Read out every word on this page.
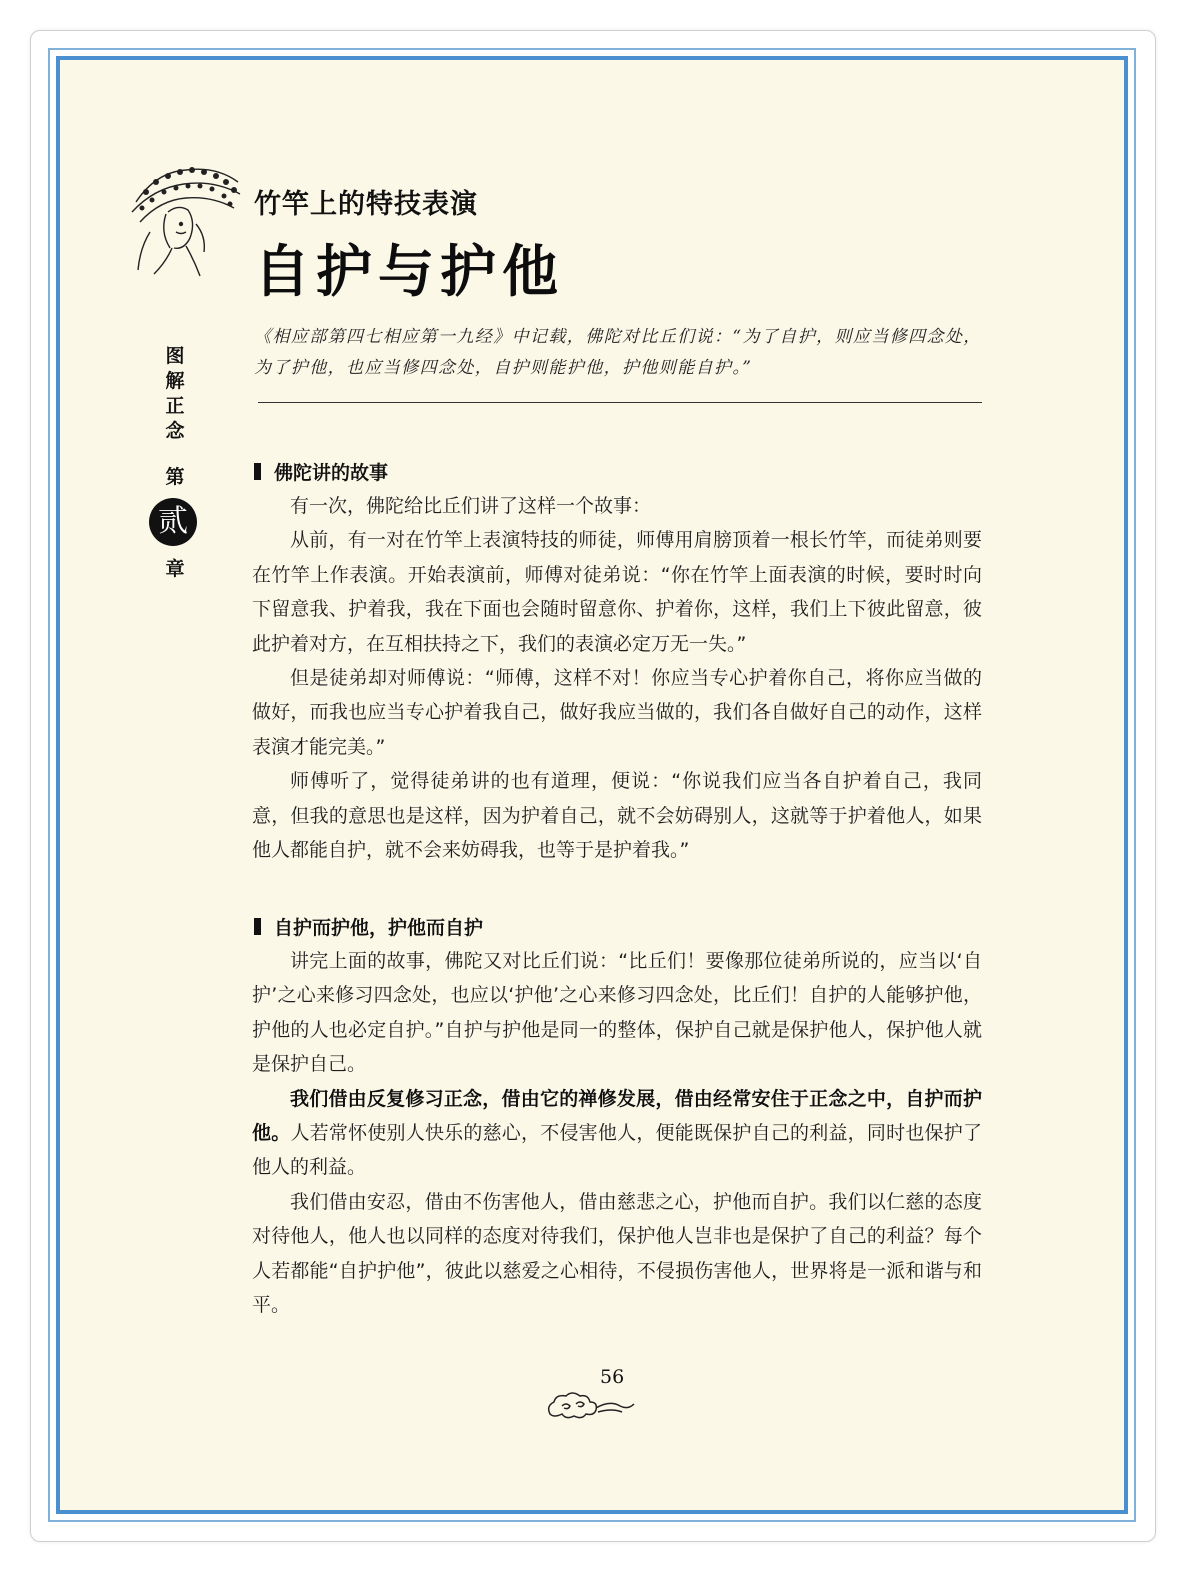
竹竿上的特技表演
自护与护他
图
解
正
念
第
贰
章
《相应部第四七相应第一九经》中记载，佛陀对比丘们说：“为了自护，则应当修四念处，为了护他，也应当修四念处，自护则能护他，护他则能自护。”
佛陀讲的故事

有一次，佛陀给比丘们讲了这样一个故事：

从前，有一对在竹竿上表演特技的师徒，师傅用肩膀顶着一根长竹竿，而徒弟则要在竹竿上作表演。开始表演前，师傅对徒弟说：“你在竹竿上面表演的时候，要时时向下留意我、护着我，我在下面也会随时留意你、护着你，这样，我们上下彼此留意，彼此护着对方，在互相扶持之下，我们的表演必定万无一失。”

但是徒弟却对师傅说：“师傅，这样不对！你应当专心护着你自己，将你应当做的做好，而我也应当专心护着我自己，做好我应当做的，我们各自做好自己的动作，这样表演才能完美。”

师傅听了，觉得徒弟讲的也有道理，便说：“你说我们应当各自护着自己，我同意，但我的意思也是这样，因为护着自己，就不会妨碍别人，这就等于护着他人，如果他人都能自护，就不会来妨碍我，也等于是护着我。”

自护而护他，护他而自护

讲完上面的故事，佛陀又对比丘们说：“比丘们！要像那位徒弟所说的，应当以‘自护’之心来修习四念处，也应以‘护他’之心来修习四念处，比丘们！自护的人能够护他，护他的人也必定自护。”自护与护他是同一的整体，保护自己就是保护他人，保护他人就是保护自己。

我们借由反复修习正念，借由它的禅修发展，借由经常安住于正念之中，自护而护他。人若常怀使别人快乐的慈心，不侵害他人，便能既保护自己的利益，同时也保护了他人的利益。

我们借由安忍，借由不伤害他人，借由慈悲之心，护他而自护。我们以仁慈的态度对待他人，他人也以同样的态度对待我们，保护他人岂非也是保护了自己的利益？每个人若都能“自护护他”，彼此以慈爱之心相待，不侵损伤害他人，世界将是一派和谐与和平。

56
